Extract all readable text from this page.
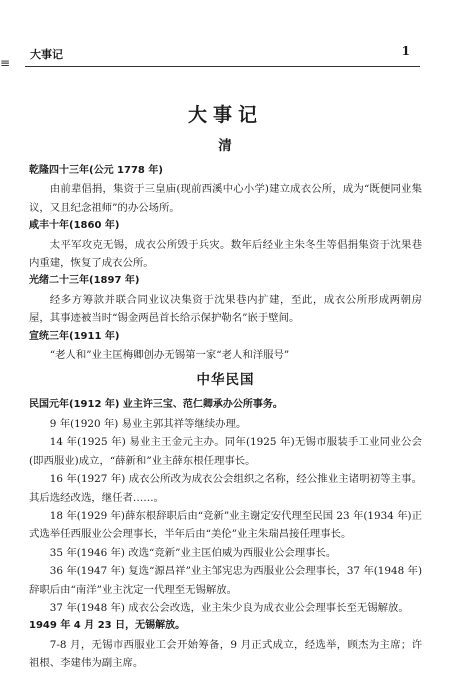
≡
大事记	1
大事记
清
乾隆四十三年(公元 1778 年)
由前辈倡捐，集资于三皇庙(现前西溪中心小学)建立成衣公所，成为“既便同业集议，又且纪念祖师”的办公场所。
咸丰十年(1860 年)
太平军攻克无锡，成衣公所毁于兵灾。数年后经业主朱冬生等倡捐集资于沈果巷内重建，恢复了成衣公所。
光绪二十三年(1897 年)
经多方筹款并联合同业议决集资于沈果巷内扩建，至此，成衣公所形成两朝房屋，其事迹被当时“锡金两邑首长给示保护勒名”嵌于壁间。
宣统三年(1911 年)
“老人和”业主匡梅卿创办无锡第一家“老人和洋服号”
中华民国
民国元年(1912 年) 业主许三宝、范仁卿承办公所事务。
9 年(1920 年) 易业主郭其祥等继续办理。
14 年(1925 年) 易业主王金元主办。同年(1925 年)无锡市服装手工业同业公会(即西服业)成立，“薛新和”业主薛东根任理事长。
16 年(1927 年) 成衣公所改为成衣公会组织之名称，经公推业主诸明初等主事。其后选经改选，继任者……。
18 年(1929 年)薛东根辞职后由“竞新”业主谢定安代理至民国 23 年(1934 年)正式选举任西服业公会理事长，半年后由“美伦”业主朱瑞昌接任理事长。
35 年(1946 年) 改选“竞新”业主匡伯威为西服业公会理事长。
36 年(1947 年) 复选“源昌祥”业主邹宪忠为西服业公会理事长，37 年(1948 年)辞职后由“南洋”业主沈定一代理至无锡解放。
37 年(1948 年) 成衣公会改选，业主朱少良为成衣业公会理事长至无锡解放。
1949 年 4 月 23 日，无锡解放。
7-8 月，无锡市西服业工会开始筹备，9 月正式成立，经选举，顾杰为主席；许祖根、李建伟为副主席。
